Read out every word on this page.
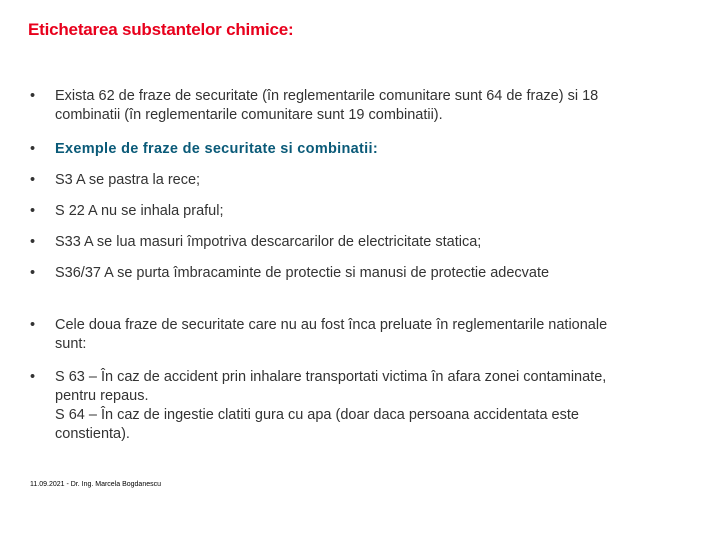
Etichetarea substantelor chimice:
•	Exista 62 de fraze de securitate (în reglementarile comunitare sunt 64 de fraze) si 18
combinatii (în reglementarile comunitare sunt 19 combinatii).
•	Exemple de fraze de securitate si combinatii:
•	S3 A se pastra la rece;
•	S 22 A nu se inhala praful;
•	S33 A se lua masuri împotriva descarcarilor de electricitate statica;
•	S36/37 A se purta îmbracaminte de protectie si manusi de protectie adecvate
•	Cele doua fraze de securitate care nu au fost înca preluate în reglementarile nationale
sunt:
•	S 63 – În caz de accident prin inhalare transportati victima în afara zonei contaminate,
pentru repaus.
S 64 – În caz de ingestie clatiti gura cu apa (doar daca persoana accidentata este
constienta).
11.09.2021 - Dr. Ing. Marcela Bogdanescu
